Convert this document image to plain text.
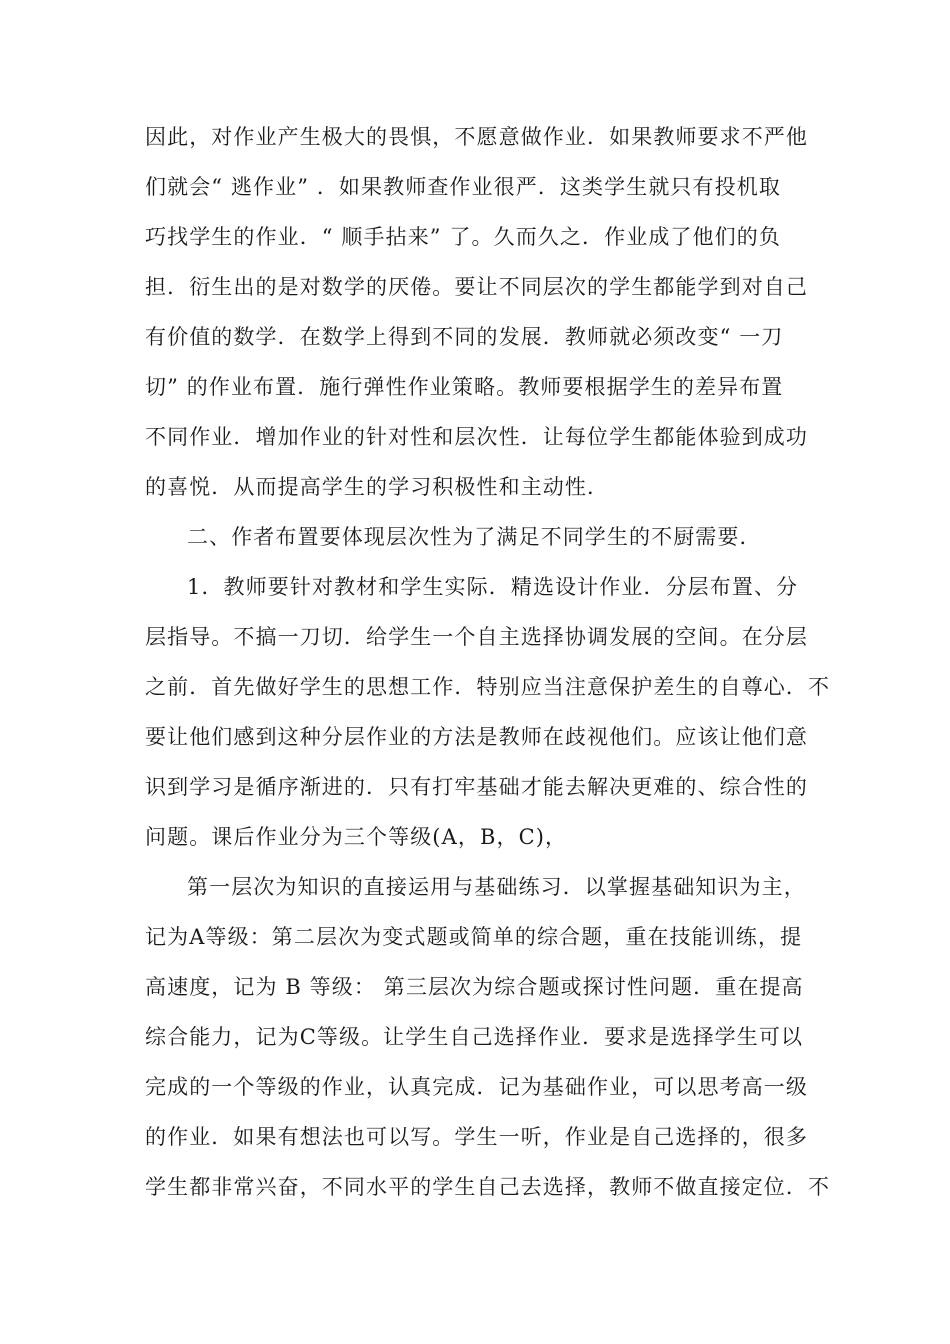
因此，对作业产生极大的畏惧，不愿意做作业．如果教师要求不严他
们就会“ 逃作业” ．如果教师查作业很严．这类学生就只有投机取
巧找学生的作业．“ 顺手拈来” 了。久而久之．作业成了他们的负
担．衍生出的是对数学的厌倦。要让不同层次的学生都能学到对自己
有价值的数学．在数学上得到不同的发展．教师就必须改变“ 一刀
切” 的作业布置．施行弹性作业策略。教师要根据学生的差异布置
不同作业．增加作业的针对性和层次性．让每位学生都能体验到成功
的喜悦．从而提高学生的学习积极性和主动性．
二、作者布置要体现层次性为了满足不同学生的不厨需要．
1．教师要针对教材和学生实际．精选设计作业．分层布置、分
层指导。不搞一刀切．给学生一个自主选择协调发展的空间。在分层
之前．首先做好学生的思想工作．特别应当注意保护差生的自尊心．不
要让他们感到这种分层作业的方法是教师在歧视他们。应该让他们意
识到学习是循序渐进的．只有打牢基础才能去解决更难的、综合性的
问题。课后作业分为三个等级(A，B，C)，
第一层次为知识的直接运用与基础练习．以掌握基础知识为主，
记为A等级：第二层次为变式题或简单的综合题，重在技能训练，提
高速度，记为 B 等级： 第三层次为综合题或探讨性问题．重在提高
综合能力，记为C等级。让学生自己选择作业．要求是选择学生可以
完成的一个等级的作业，认真完成．记为基础作业，可以思考高一级
的作业．如果有想法也可以写。学生一听，作业是自己选择的，很多
学生都非常兴奋，不同水平的学生自己去选择，教师不做直接定位．不
